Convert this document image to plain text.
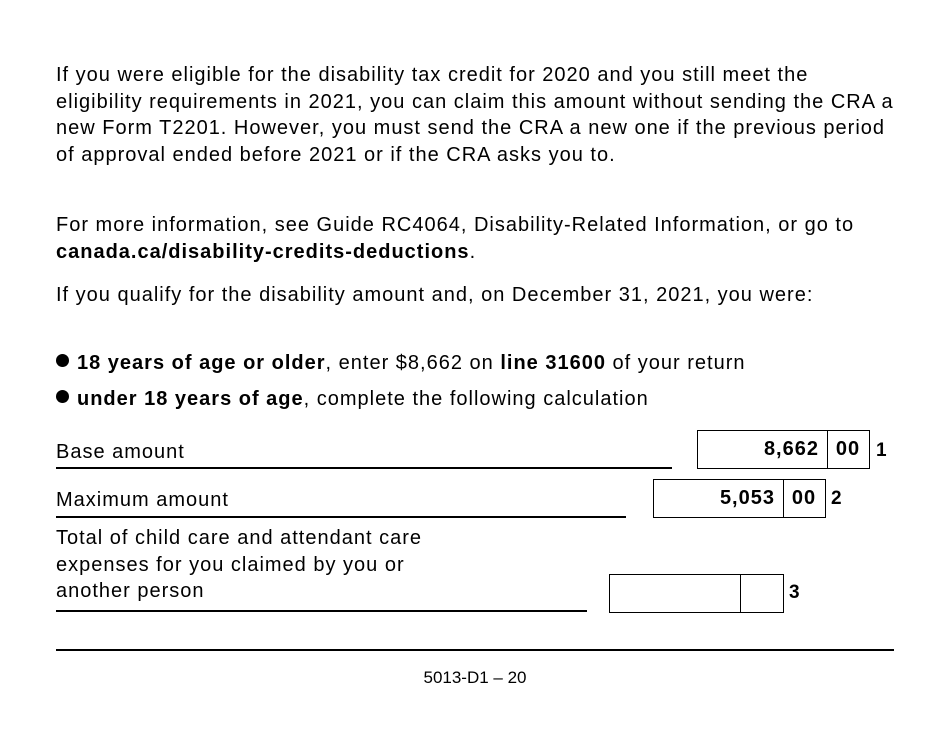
If you were eligible for the disability tax credit for 2020 and you still meet the eligibility requirements in 2021, you can claim this amount without sending the CRA a new Form T2201. However, you must send the CRA a new one if the previous period of approval ended before 2021 or if the CRA asks you to.

For more information, see Guide RC4064, Disability-Related Information, or go to canada.ca/disability-credits-deductions.

If you qualify for the disability amount and, on December 31, 2021, you were:

18 years of age or older, enter $8,662 on line 31600 of your return
under 18 years of age, complete the following calculation
Base amount	8,662 00 1
Maximum amount	5,053 00 2
Total of child care and attendant care
expenses for you claimed by you or
another person	3
5013-D1 – 20
